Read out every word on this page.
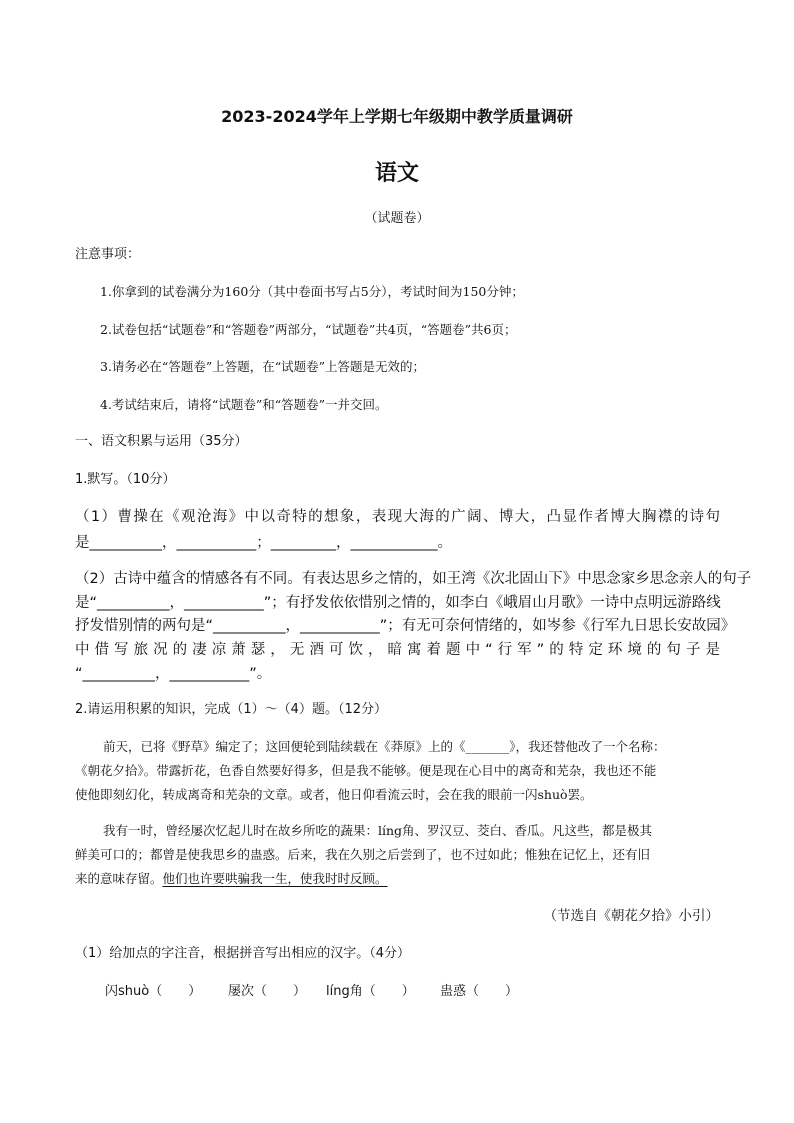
2023-2024学年上学期七年级期中教学质量调研
语文
（试题卷）
注意事项：
1.你拿到的试卷满分为160分（其中卷面书写占5分），考试时间为150分钟；
2.试卷包括“试题卷”和“答题卷”两部分，“试题卷”共4页，“答题卷”共6页；
3.请务必在“答题卷”上答题，在“试题卷”上答题是无效的；
4.考试结束后，请将“试题卷”和“答题卷”一并交回。
一、语文积累与运用（35分）
1.默写。（10分）
（1）曹操在《观沧海》中以奇特的想象，表现大海的广阔、博大，凸显作者博大胸襟的诗句
是__________，___________；_________，____________。
（2）古诗中蕴含的情感各有不同。有表达思乡之情的，如王湾《次北固山下》中思念家乡思念亲人的句子
是“__________，___________”；有抒发依依惜别之情的，如李白《峨眉山月歌》一诗中点明远游路线
抒发惜别情的两句是“__________，___________”；有无可奈何情绪的，如岑参《行军九日思长安故园》
中借写旅况的凄凉萧瑟，无酒可饮，暗寓着题中“行军”的特定环境的句子是
“__________，___________”。
2.请运用积累的知识，完成（1）～（4）题。（12分）
前天，已将《野草》编定了；这回便轮到陆续载在《莽原》上的《_______》，我还替他改了一个名称：
《朝花夕拾》。带露折花，色香自然要好得多，但是我不能够。便是现在心目中的离奇和芜杂，我也还不能
使他即刻幻化，转成离奇和芜杂的文章。或者，他日仰看流云时，会在我的眼前一闪shuò罢。
我有一时，曾经屡次忆起儿时在故乡所吃的蔬果：líng角、罗汉豆、茭白、香瓜。凡这些，都是极其
鲜美可口的；都曾是使我思乡的蛊惑。后来，我在久别之后尝到了，也不过如此；惟独在记忆上，还有旧
来的意味存留。他们也许要哄骗我一生，使我时时反顾。
（节选自《朝花夕拾》小引）
（1）给加点的字注音，根据拼音写出相应的汉字。（4分）
闪shuò（　　） 屡次（　　） líng角（　　） 蛊惑（　　）
